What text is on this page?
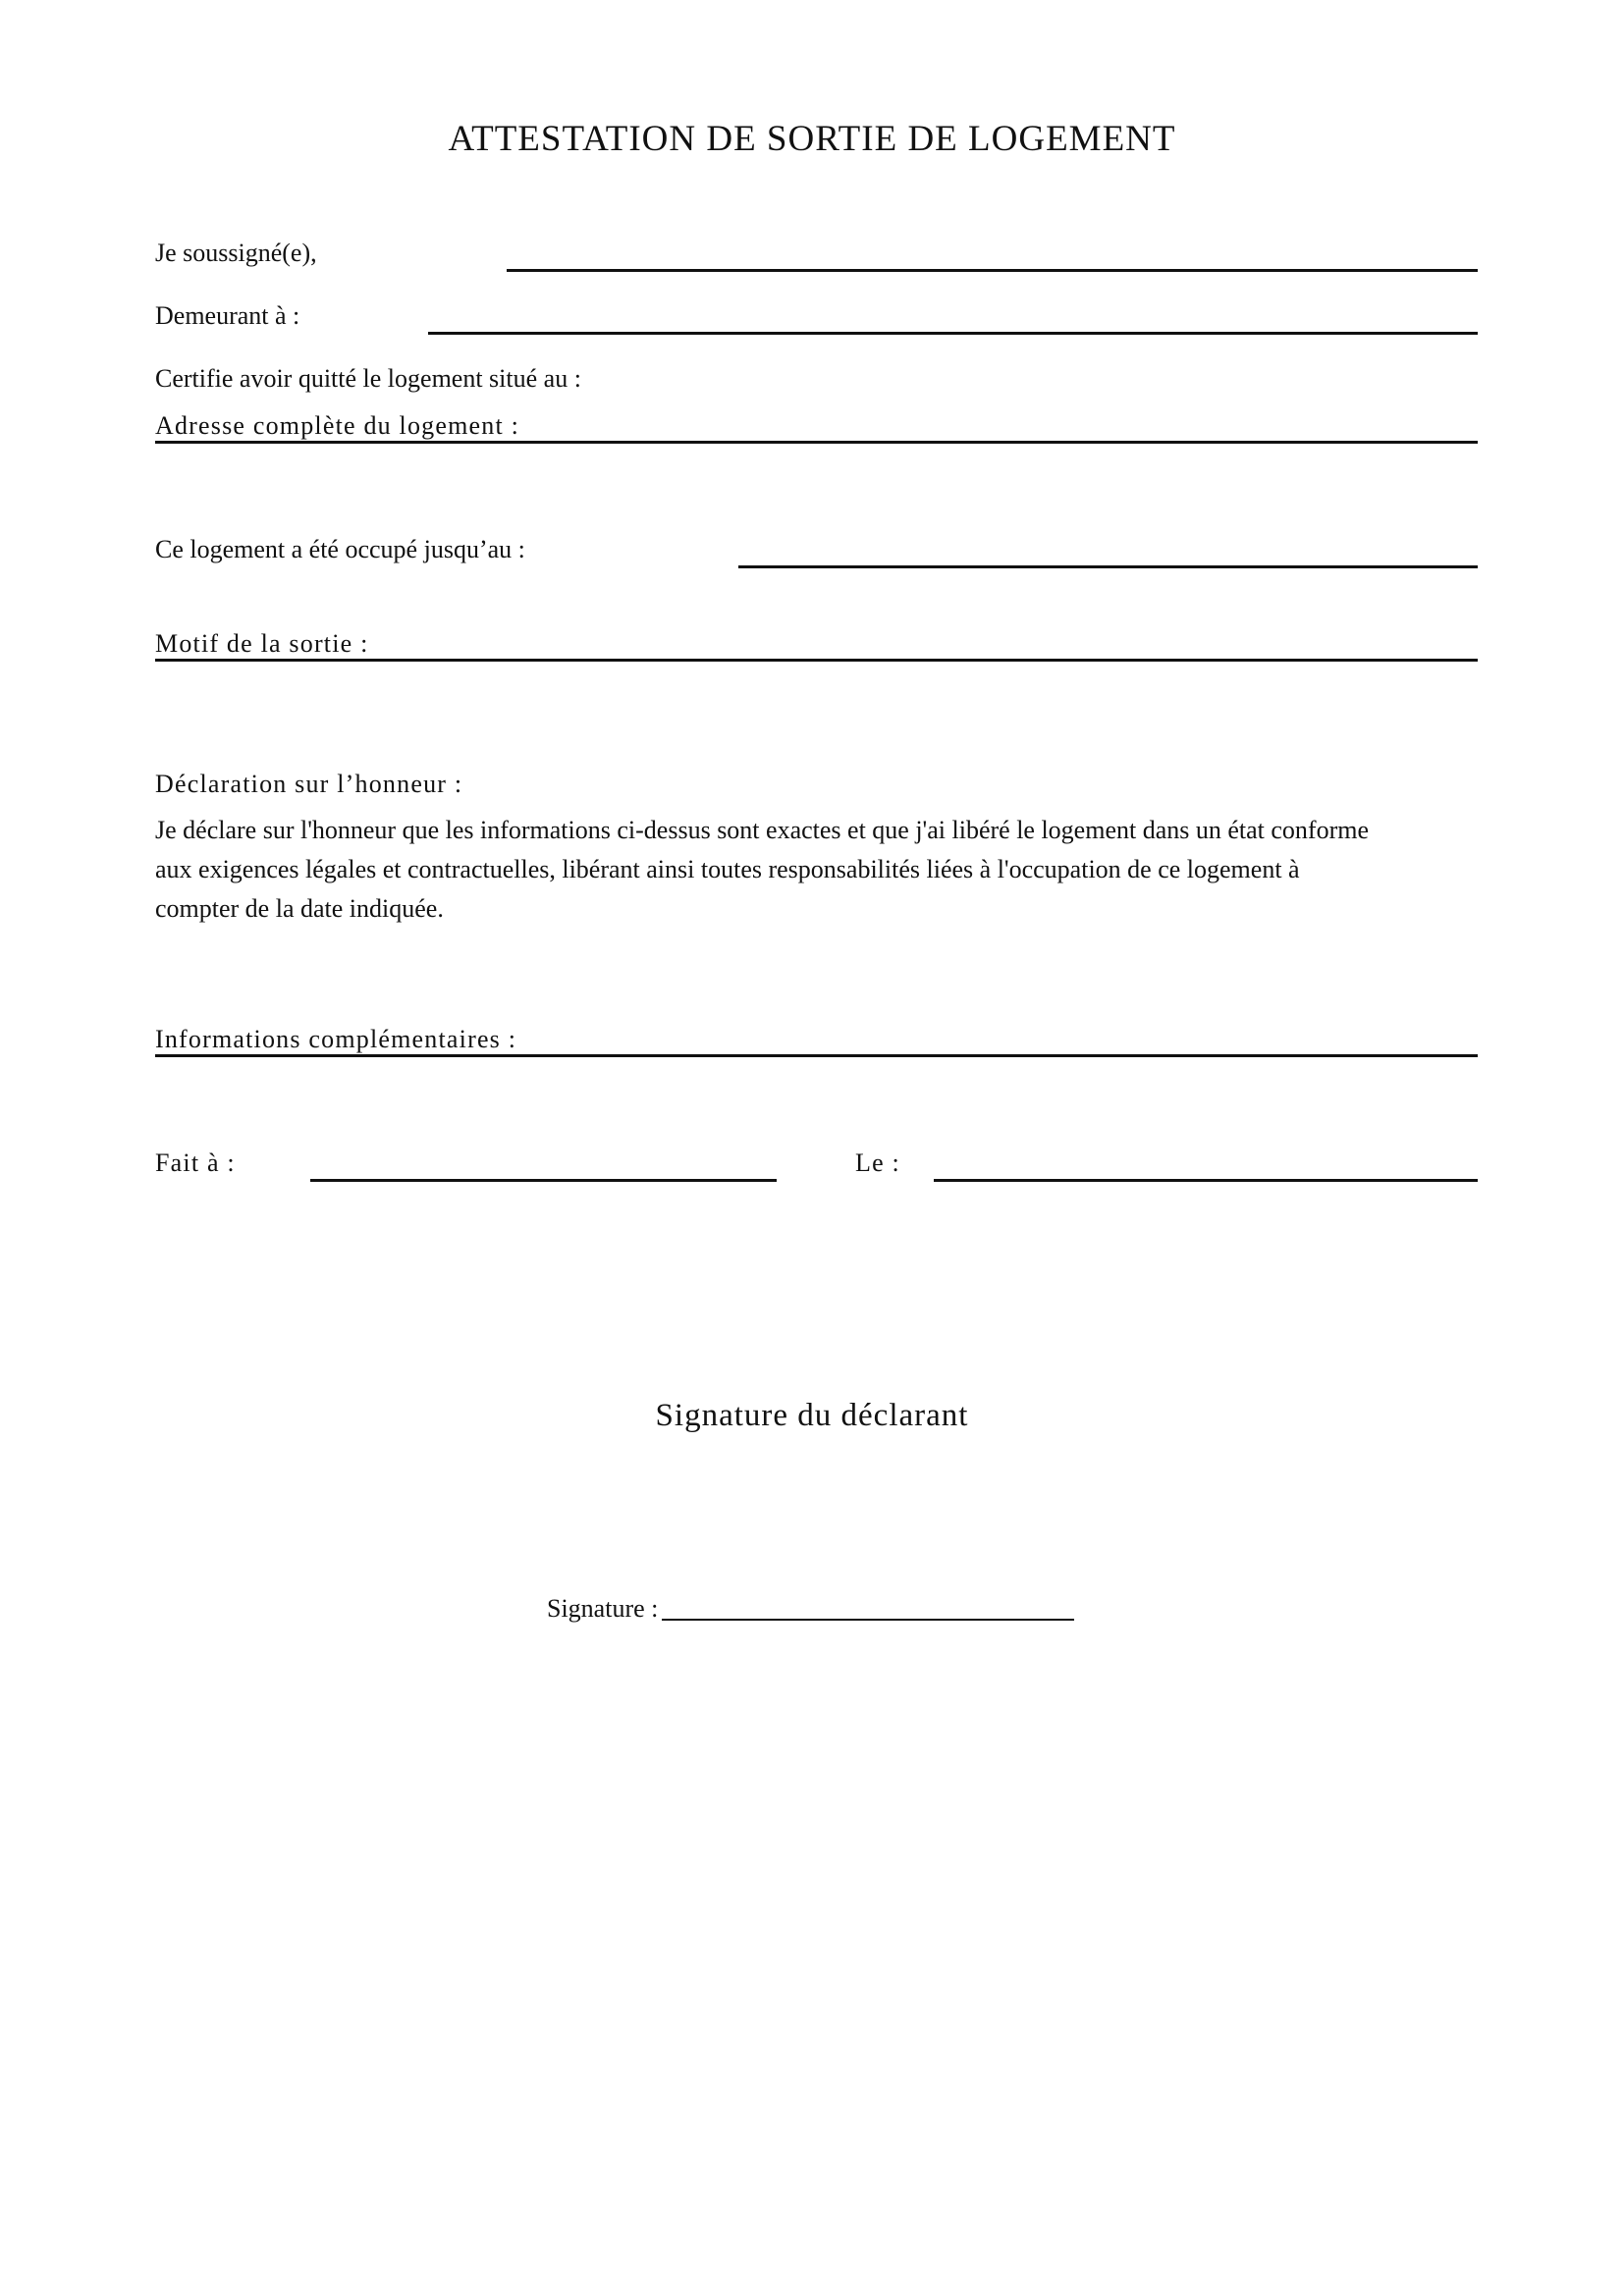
ATTESTATION DE SORTIE DE LOGEMENT
Je soussigné(e),
Demeurant à :
Certifie avoir quitté le logement situé au :
Adresse complète du logement :
Ce logement a été occupé jusqu’au :
Motif de la sortie :
Déclaration sur l’honneur :
Je déclare sur l'honneur que les informations ci-dessus sont exactes et que j'ai libéré le logement dans un état conforme
aux exigences légales et contractuelles, libérant ainsi toutes responsabilités liées à l'occupation de ce logement à
compter de la date indiquée.
Informations complémentaires :
Fait à :	Le :
Signature du déclarant
Signature :
